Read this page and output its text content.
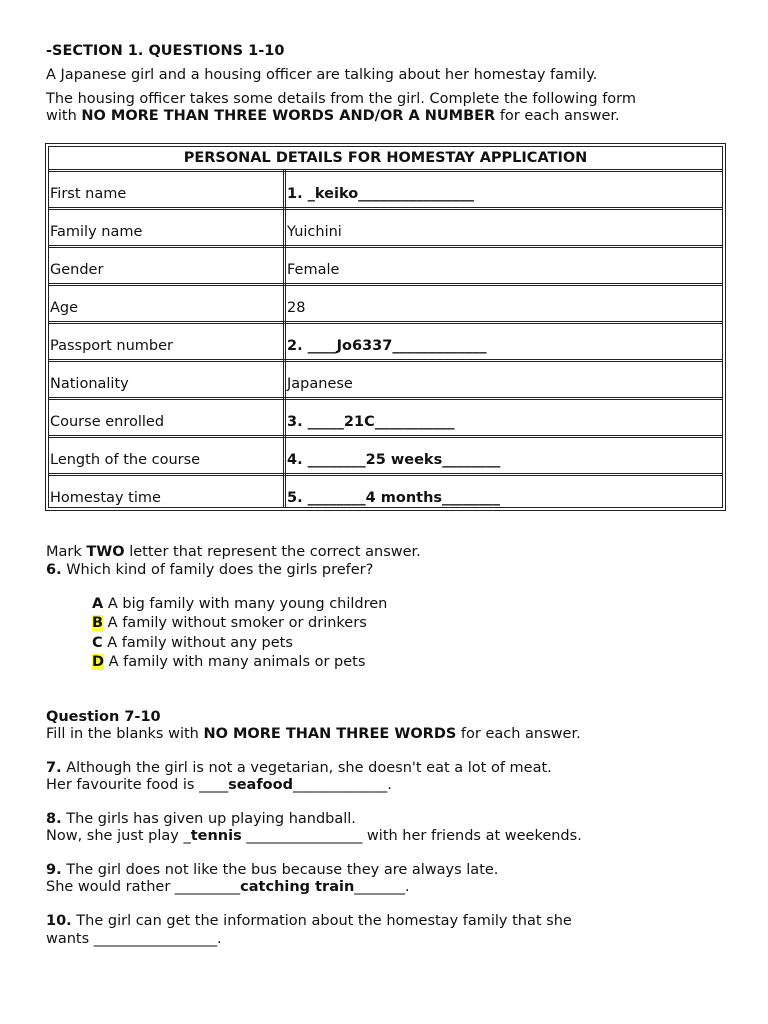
-SECTION 1. QUESTIONS 1-10
A Japanese girl and a housing officer are talking about her homestay family.
The housing officer takes some details from the girl. Complete the following form
with NO MORE THAN THREE WORDS AND/OR A NUMBER for each answer.
PERSONAL DETAILS FOR HOMESTAY APPLICATION
First name	1. _keiko________________
Family name	Yuichini
Gender	Female
Age	28
Passport number	2. ____Jo6337_____________
Nationality	Japanese
Course enrolled	3. _____21C___________
Length of the course	4. ________25 weeks________
Homestay time	5. ________4 months________
Mark TWO letter that represent the correct answer.
6. Which kind of family does the girls prefer?
A A big family with many young children
B A family without smoker or drinkers
C A family without any pets
D A family with many animals or pets
Question 7-10
Fill in the blanks with NO MORE THAN THREE WORDS for each answer.
7. Although the girl is not a vegetarian, she doesn't eat a lot of meat.
Her favourite food is ____seafood_____________.
8. The girls has given up playing handball.
Now, she just play _tennis ________________ with her friends at weekends.
9. The girl does not like the bus because they are always late.
She would rather _________catching train_______.
10. The girl can get the information about the homestay family that she
wants _________________.
